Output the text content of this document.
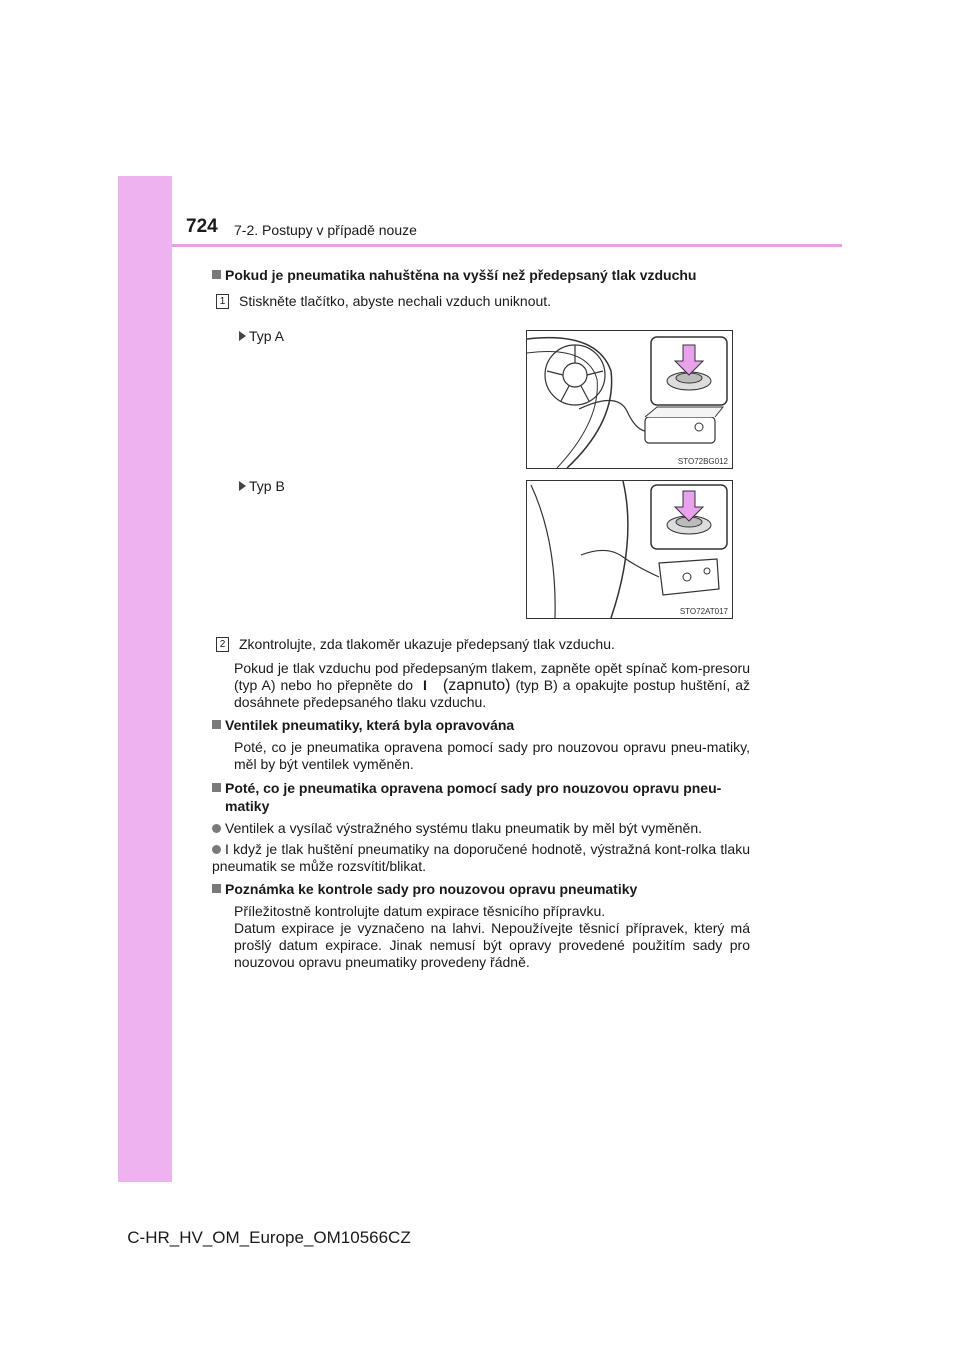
724 7-2. Postupy v případě nouze
Pokud je pneumatika nahuštěna na vyšší než předepsaný tlak vzduchu
1 Stiskněte tlačítko, abyste nechali vzduch uniknout.
Typ A
STO72BG012
Typ B
STO72AT017
2 Zkontrolujte, zda tlakoměr ukazuje předepsaný tlak vzduchu.
Pokud je tlak vzduchu pod předepsaným tlakem, zapněte opět spínač kom-presoru (typ A) nebo ho přepněte do I (zapnuto) (typ B) a opakujte postup huštění, až dosáhnete předepsaného tlaku vzduchu.
Ventilek pneumatiky, která byla opravována
Poté, co je pneumatika opravena pomocí sady pro nouzovou opravu pneu-matiky, měl by být ventilek vyměněn.
Poté, co je pneumatika opravena pomocí sady pro nouzovou opravu pneu-
matiky
Ventilek a vysílač výstražného systému tlaku pneumatik by měl být vyměněn.
I když je tlak huštění pneumatiky na doporučené hodnotě, výstražná kont-rolka tlaku pneumatik se může rozsvítit/blikat.
Poznámka ke kontrole sady pro nouzovou opravu pneumatiky
Příležitostně kontrolujte datum expirace těsnicího přípravku.
Datum expirace je vyznačeno na lahvi. Nepoužívejte těsnicí přípravek, který má prošlý datum expirace. Jinak nemusí být opravy provedené použitím sady pro nouzovou opravu pneumatiky provedeny řádně.
C-HR_HV_OM_Europe_OM10566CZ
